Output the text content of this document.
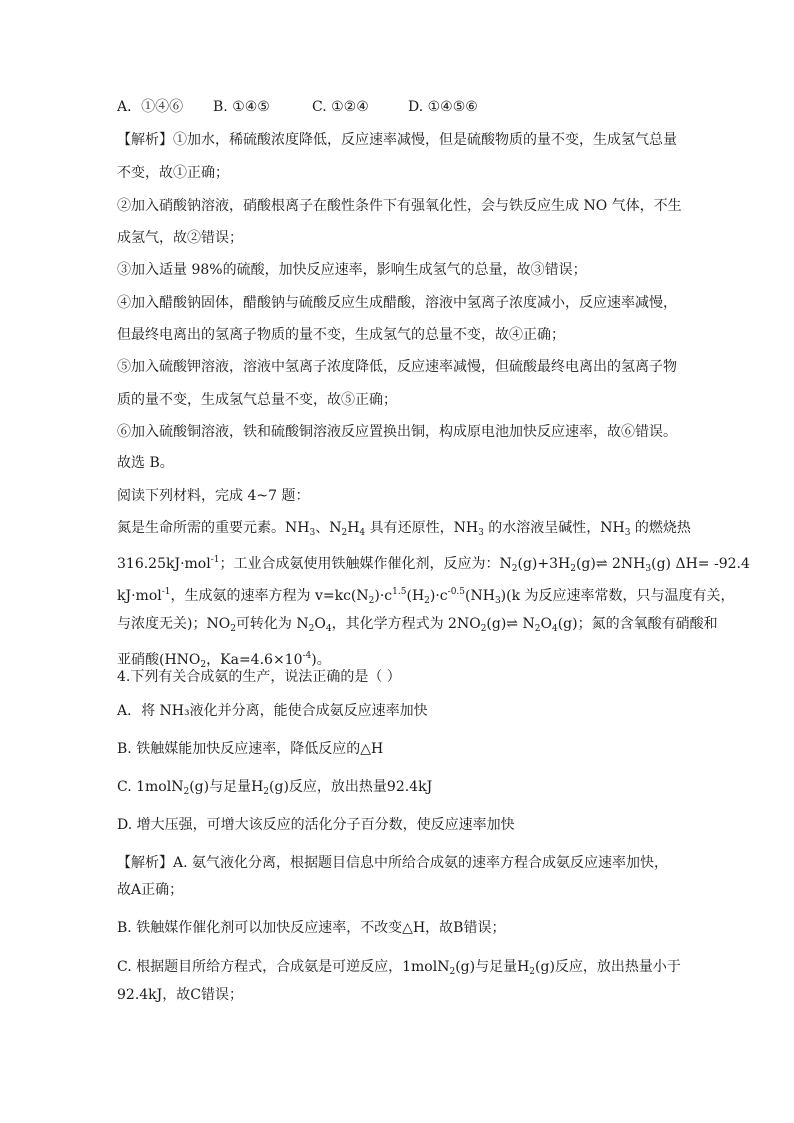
A．①④⑥ B. ①④⑤	C. ①②④	D. ①④⑤⑥
【解析】①加水，稀硫酸浓度降低，反应速率减慢，但是硫酸物质的量不变，生成氢气总量
不变，故①正确；
②加入硝酸钠溶液，硝酸根离子在酸性条件下有强氧化性，会与铁反应生成 NO 气体，不生
成氢气，故②错误；
③加入适量 98%的硫酸，加快反应速率，影响生成氢气的总量，故③错误；
④加入醋酸钠固体，醋酸钠与硫酸反应生成醋酸，溶液中氢离子浓度减小，反应速率减慢，
但最终电离出的氢离子物质的量不变，生成氢气的总量不变，故④正确；
⑤加入硫酸钾溶液，溶液中氢离子浓度降低，反应速率减慢，但硫酸最终电离出的氢离子物
质的量不变，生成氢气总量不变，故⑤正确；
⑥加入硫酸铜溶液，铁和硫酸铜溶液反应置换出铜，构成原电池加快反应速率，故⑥错误。
故选 B。
阅读下列材料，完成 4~7 题：
氮是生命所需的重要元素。$NH_3$、$N_2H_4$ 具有还原性，$NH_3$ 的水溶液呈碱性，$NH_3$ 的燃烧热
316.25kJ·mol$^{-1}$；工业合成氨使用铁触媒作催化剂，反应为：$N_2(g)+3H_2(g)\rightleftharpoons$ $2NH_3(g)$ ΔH= -92.4
kJ·mol$^{-1}$，生成氨的速率方程为 $v=kc(N_2)\cdot c^{1.5}(H_2)\cdot c^{-0.5}(NH_3)(k$ 为反应速率常数，只与温度有关，
与浓度无关)；$NO_2$可转化为 $N_2O_4$，其化学方程式为 $2NO_2(g)\rightleftharpoons$ $N_2O_4(g)$；氮的含氧酸有硝酸和
亚硝酸($HNO_2$，$Ka=4.6\times 10^{-4}$)。
4.下列有关合成氨的生产，说法正确的是（ ）
A．将 NH₃液化并分离，能使合成氨反应速率加快
B. 铁触媒能加快反应速率，降低反应的△H
C. 1molN$_2$(g)与足量$H_2(g)$反应，放出热量92.4kJ
D. 增大压强，可增大该反应的活化分子百分数，使反应速率加快
【解析】A. 氨气液化分离，根据题目信息中所给合成氨的速率方程合成氨反应速率加快，
故A正确；
B. 铁触媒作催化剂可以加快反应速率，不改变△H，故B错误；
C. 根据题目所给方程式，合成氨是可逆反应，1molN$_2$(g)与足量$H_2(g)$反应，放出热量小于
92.4kJ，故C错误；
